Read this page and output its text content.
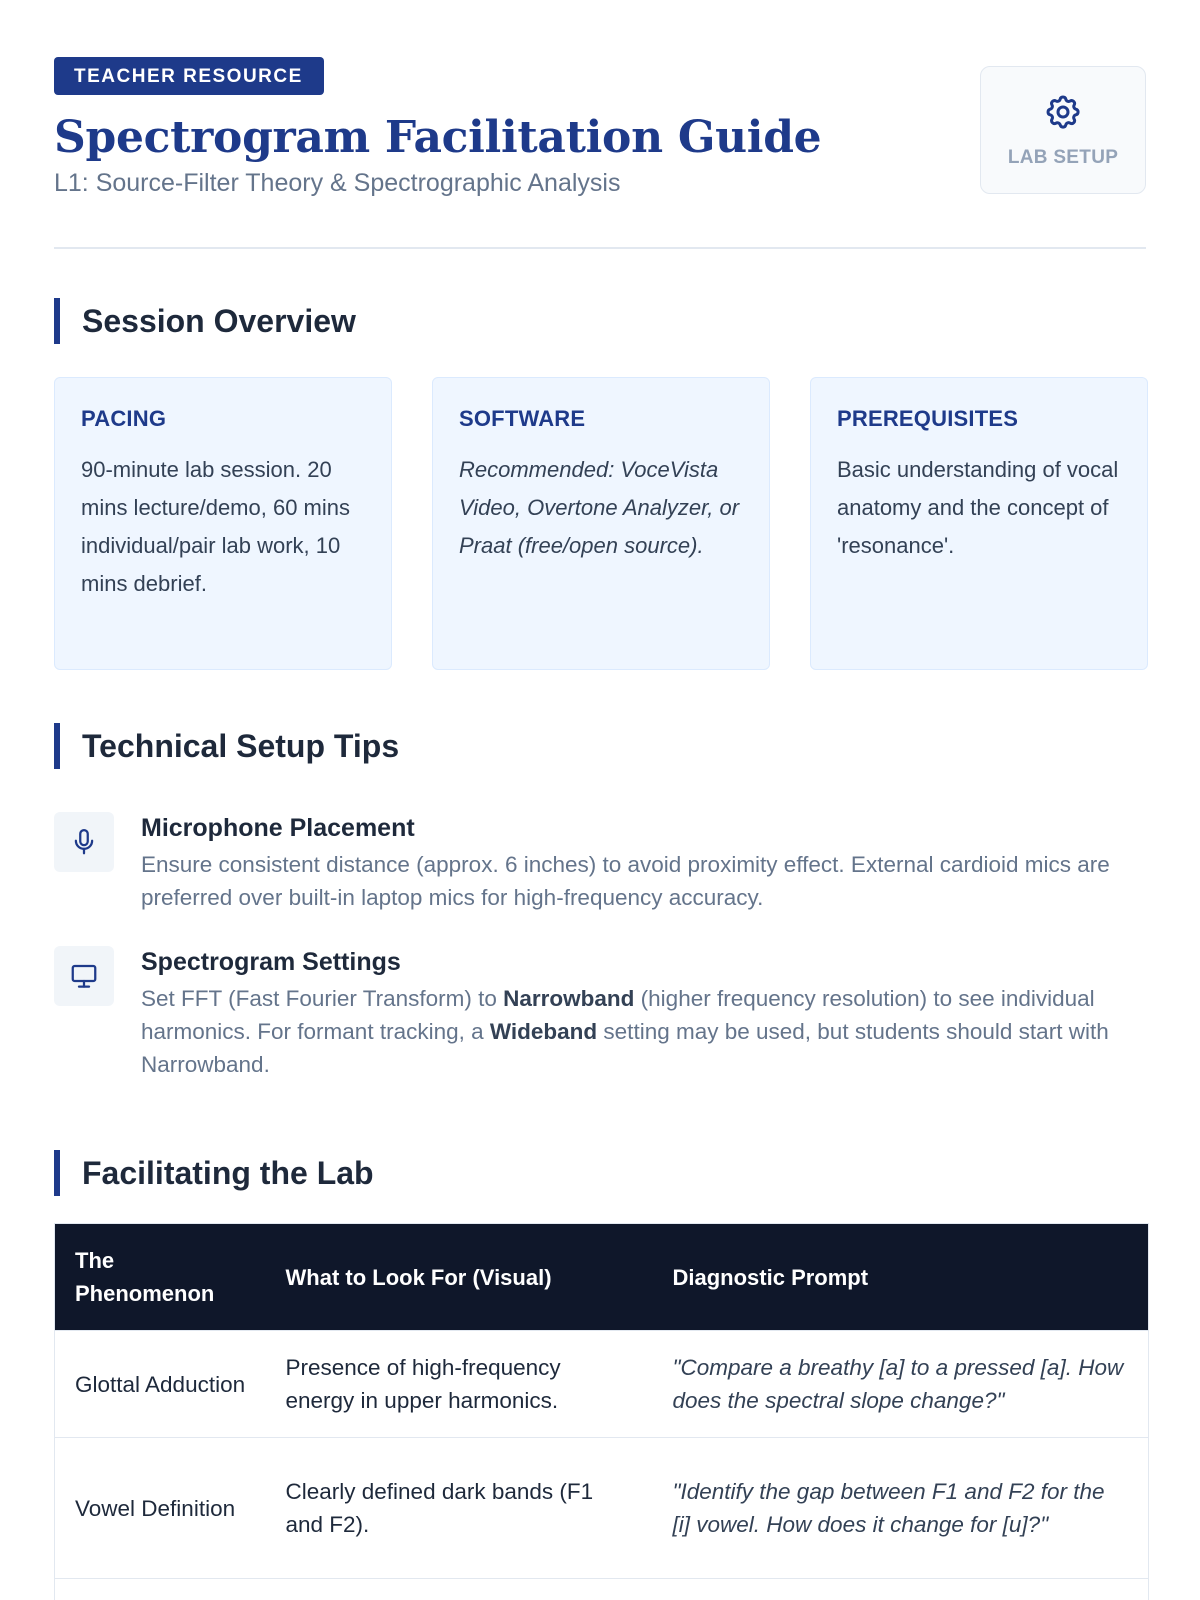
TEACHER RESOURCE
Spectrogram Facilitation Guide
L1: Source-Filter Theory & Spectrographic Analysis
LAB SETUP
Session Overview
PACING
90-minute lab session. 20 mins lecture/demo, 60 mins individual/pair lab work, 10 mins debrief.
SOFTWARE
Recommended: VoceVista Video, Overtone Analyzer, or Praat (free/open source).
PREREQUISITES
Basic understanding of vocal anatomy and the concept of 'resonance'.
Technical Setup Tips
Microphone Placement
Ensure consistent distance (approx. 6 inches) to avoid proximity effect. External cardioid mics are preferred over built-in laptop mics for high-frequency accuracy.
Spectrogram Settings
Set FFT (Fast Fourier Transform) to Narrowband (higher frequency resolution) to see individual harmonics. For formant tracking, a Wideband setting may be used, but students should start with Narrowband.
Facilitating the Lab
The Phenomenon	What to Look For (Visual)	Diagnostic Prompt
Glottal Adduction	Presence of high-frequency energy in upper harmonics.	"Compare a breathy [a] to a pressed [a]. How does the spectral slope change?"
Vowel Definition	Clearly defined dark bands (F1 and F2).	"Identify the gap between F1 and F2 for the [i] vowel. How does it change for [u]?"
